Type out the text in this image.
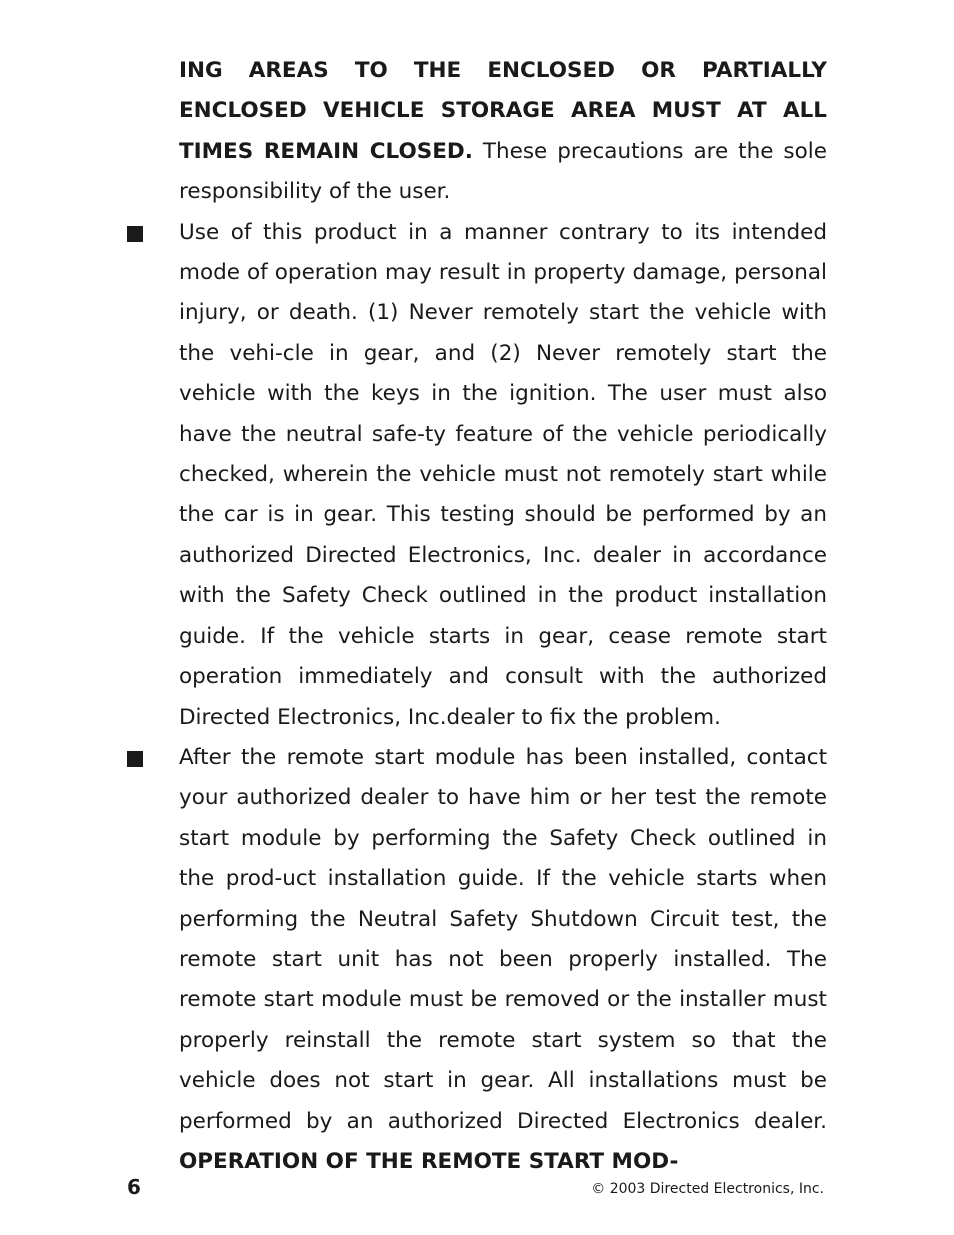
ING AREAS TO THE ENCLOSED OR PARTIALLY ENCLOSED VEHICLE STORAGE AREA MUST AT ALL TIMES REMAIN CLOSED. These precautions are the sole responsibility of the user.

Use of this product in a manner contrary to its intended mode of operation may result in property damage, personal injury, or death. (1) Never remotely start the vehicle with the vehi-cle in gear, and (2) Never remotely start the vehicle with the keys in the ignition. The user must also have the neutral safe-ty feature of the vehicle periodically checked, wherein the vehicle must not remotely start while the car is in gear. This testing should be performed by an authorized Directed Electronics, Inc. dealer in accordance with the Safety Check outlined in the product installation guide. If the vehicle starts in gear, cease remote start operation immediately and consult with the authorized Directed Electronics, Inc.dealer to fix the problem.

After the remote start module has been installed, contact your authorized dealer to have him or her test the remote start module by performing the Safety Check outlined in the prod-uct installation guide. If the vehicle starts when performing the Neutral Safety Shutdown Circuit test, the remote start unit has not been properly installed. The remote start module must be removed or the installer must properly reinstall the remote start system so that the vehicle does not start in gear. All installations must be performed by an authorized Directed Electronics dealer. OPERATION OF THE REMOTE START MOD-

6	© 2003 Directed Electronics, Inc.
